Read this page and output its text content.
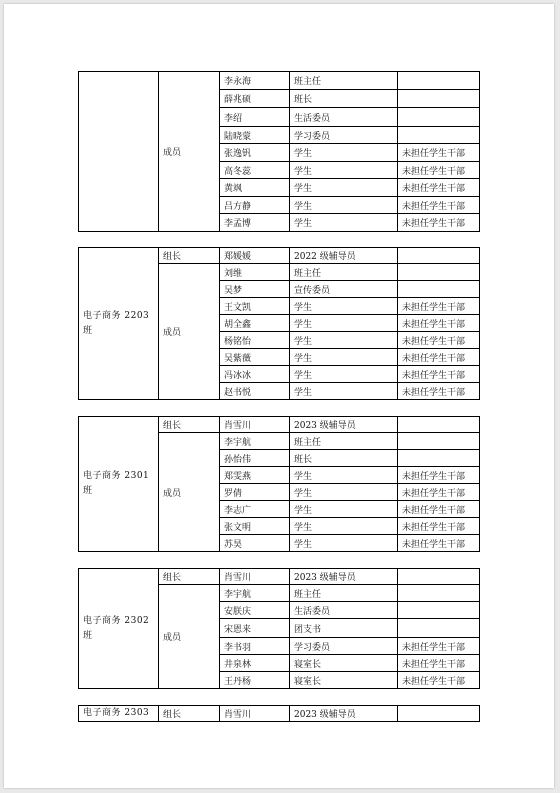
	成员	李永海	班主任	
		薛兆硕	班长	
		李绍	生活委员	
		陆晓蒙	学习委员	
		张逸钒	学生	未担任学生干部
		高冬蕊	学生	未担任学生干部
		黄飒	学生	未担任学生干部
		吕方静	学生	未担任学生干部
		李孟博	学生	未担任学生干部
电子商务 2203
班	组长	郑媛媛	2022 级辅导员	
	成员	刘维	班主任	
		吴梦	宣传委员	
		王文凯	学生	未担任学生干部
		胡全鑫	学生	未担任学生干部
		杨铭怡	学生	未担任学生干部
		吴紫薇	学生	未担任学生干部
		冯冰冰	学生	未担任学生干部
		赵书悦	学生	未担任学生干部
电子商务 2301
班	组长	肖雪川	2023 级辅导员	
	成员	李宇航	班主任	
		孙怡伟	班长	
		郑雯燕	学生	未担任学生干部
		罗倩	学生	未担任学生干部
		李志广	学生	未担任学生干部
		张文明	学生	未担任学生干部
		苏昊	学生	未担任学生干部
电子商务 2302
班	组长	肖雪川	2023 级辅导员	
	成员	李宇航	班主任	
		安朕庆	生活委员	
		宋恩来	团支书	
		李书羽	学习委员	未担任学生干部
		井泉林	寝室长	未担任学生干部
		王丹杨	寝室长	未担任学生干部
电子商务 2303	组长	肖雪川	2023 级辅导员	
